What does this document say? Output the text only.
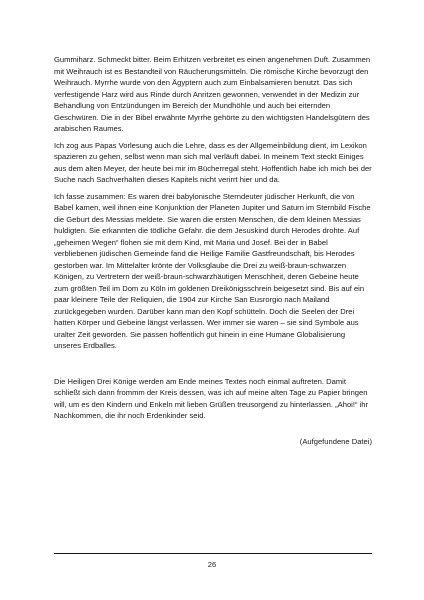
Gummiharz. Schmeckt bitter. Beim Erhitzen verbreitet es einen angenehmen Duft. Zusammen mit Weihrauch ist es Bestandteil von Räucherungsmitteln. Die römische Kirche bevorzugt den Weihrauch. Myrrhe wurde von den Ägyptern auch zum Einbalsamieren benutzt. Das sich verfestigende Harz wird aus Rinde durch Anritzen gewonnen, verwendet in der Medizin zur Behandlung von Entzündungen im Bereich der Mundhöhle und auch bei eiternden Geschwüren. Die in der Bibel erwähnte Myrrhe gehörte zu den wichtigsten Handelsgütern des arabischen Raumes.

Ich zog aus Papas Vorlesung auch die Lehre, dass es der Allgemeinbildung dient, im Lexikon spazieren zu gehen, selbst wenn man sich mal verläuft dabei. In meinem Text steckt Einiges aus dem alten Meyer, der heute bei mir im Bücherregal steht. Hoffentlich habe ich mich bei der Suche nach Sachverhalten dieses Kapitels nicht verirrt hier und da.

Ich fasse zusammen: Es waren drei babylonische Sterndeuter jüdischer Herkunft, die von Babel kamen, weil ihnen eine Konjunktion der Planeten Jupiter und Saturn im Sternbild Fische die Geburt des Messias meldete. Sie waren die ersten Menschen, die dem kleinen Messias huldigten. Sie erkannten die tödliche Gefahr. die dem Jesuskind durch Herodes drohte. Auf „geheimen Wegen“ flohen sie mit dem Kind, mit Maria und Josef. Bei der in Babel verbliebenen jüdischen Gemeinde fand die Heilige Familie Gastfreundschaft, bis Herodes gestorben war. Im Mittelalter krönte der Volksglaube die Drei zu weiß-braun-schwarzen Königen, zu Vertretern der weiß-braun-schwarzhäutigen Menschheit, deren Gebeine heute zum größten Teil im Dom zu Köln im goldenen Dreikönigsschrein beigesetzt sind. Bis auf ein paar kleinere Teile der Reliquien, die 1904 zur Kirche San Eusrorgio nach Mailand zurückgegeben wurden. Darüber kann man den Kopf schütteln. Doch die Seelen der Drei hatten Körper und Gebeine längst verlassen. Wer immer sie waren – sie sind Symbole aus uralter Zeit geworden. Sie passen hoffentlich gut hinein in eine Humane Globalisierung unseres Erdballes.

Die Heiligen Drei Könige werden am Ende meines Textes noch einmal auftreten. Damit schließt sich dann frommm der Kreis dessen, was ich auf meine alten Tage zu Papier bringen will, um es den Kindern und Enkeln mit lieben Grüßen treusorgend zu hinterlassen. „Ahoi!“ ihr Nachkommen, die ihr noch Erdenkinder seid.

(Aufgefundene Datei)

26
